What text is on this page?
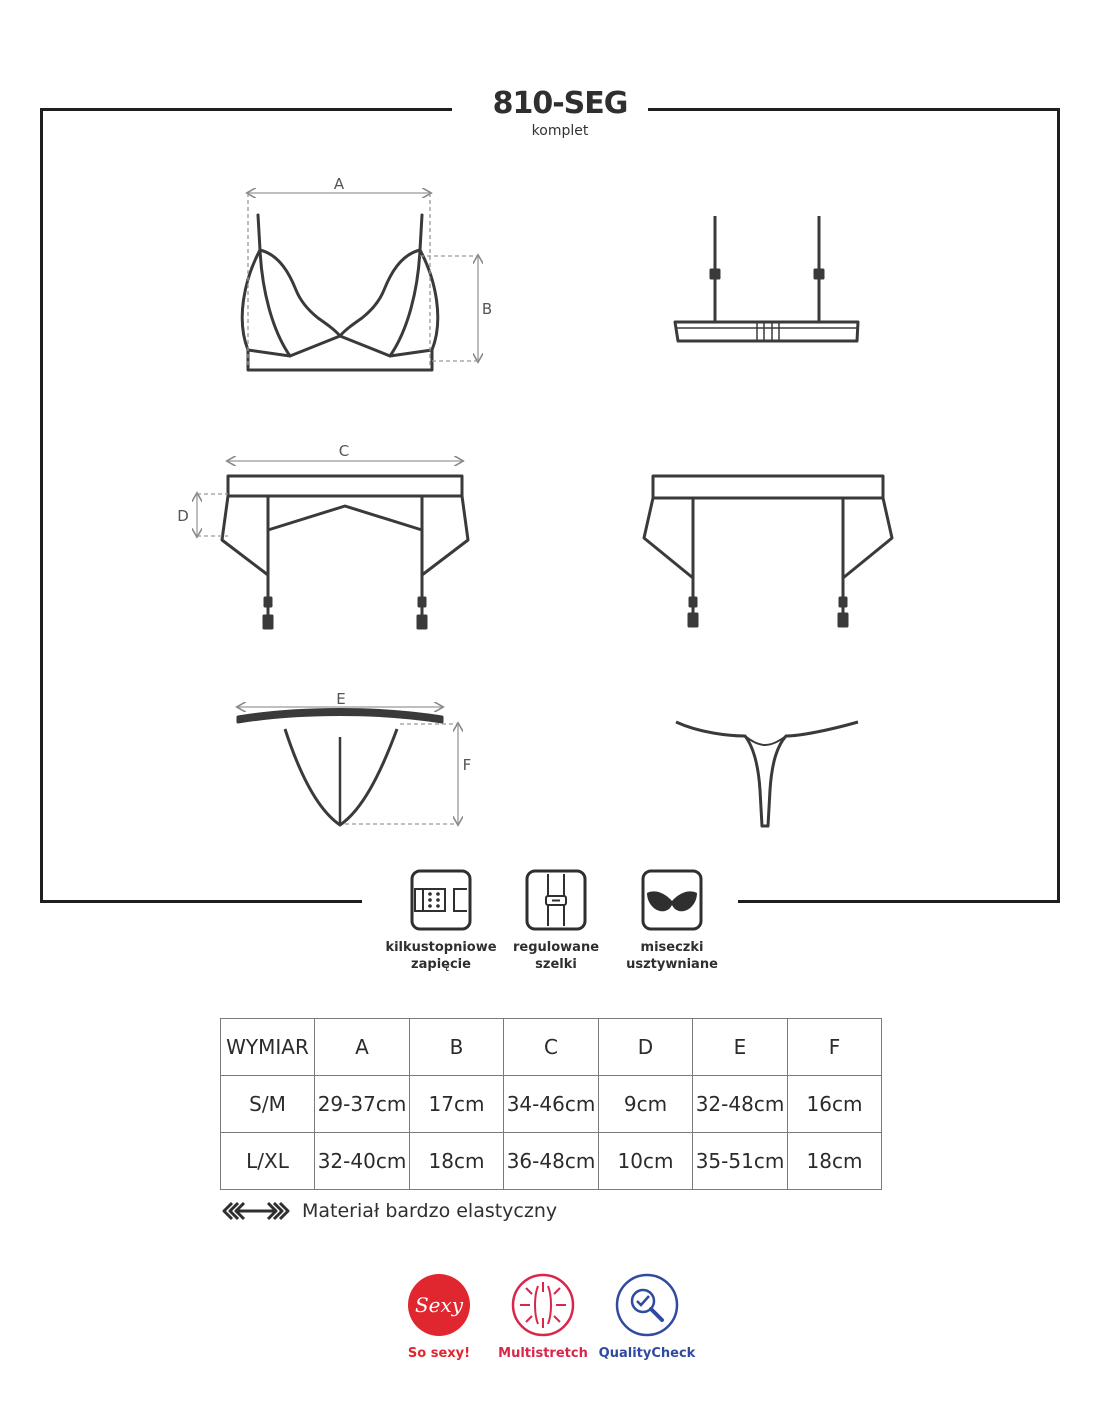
810-SEG
komplet
A
B
C
D
E
F
kilkustopniowe
zapięcie
regulowane
szelki
miseczki
usztywniane
WYMIAR	A	B	C	D	E	F
S/M	29-37cm	17cm	34-46cm	9cm	32-48cm	16cm
L/XL	32-40cm	18cm	36-48cm	10cm	35-51cm	18cm
Materiał bardzo elastyczny
Sexy
So sexy!	Multistretch QualityCheck
